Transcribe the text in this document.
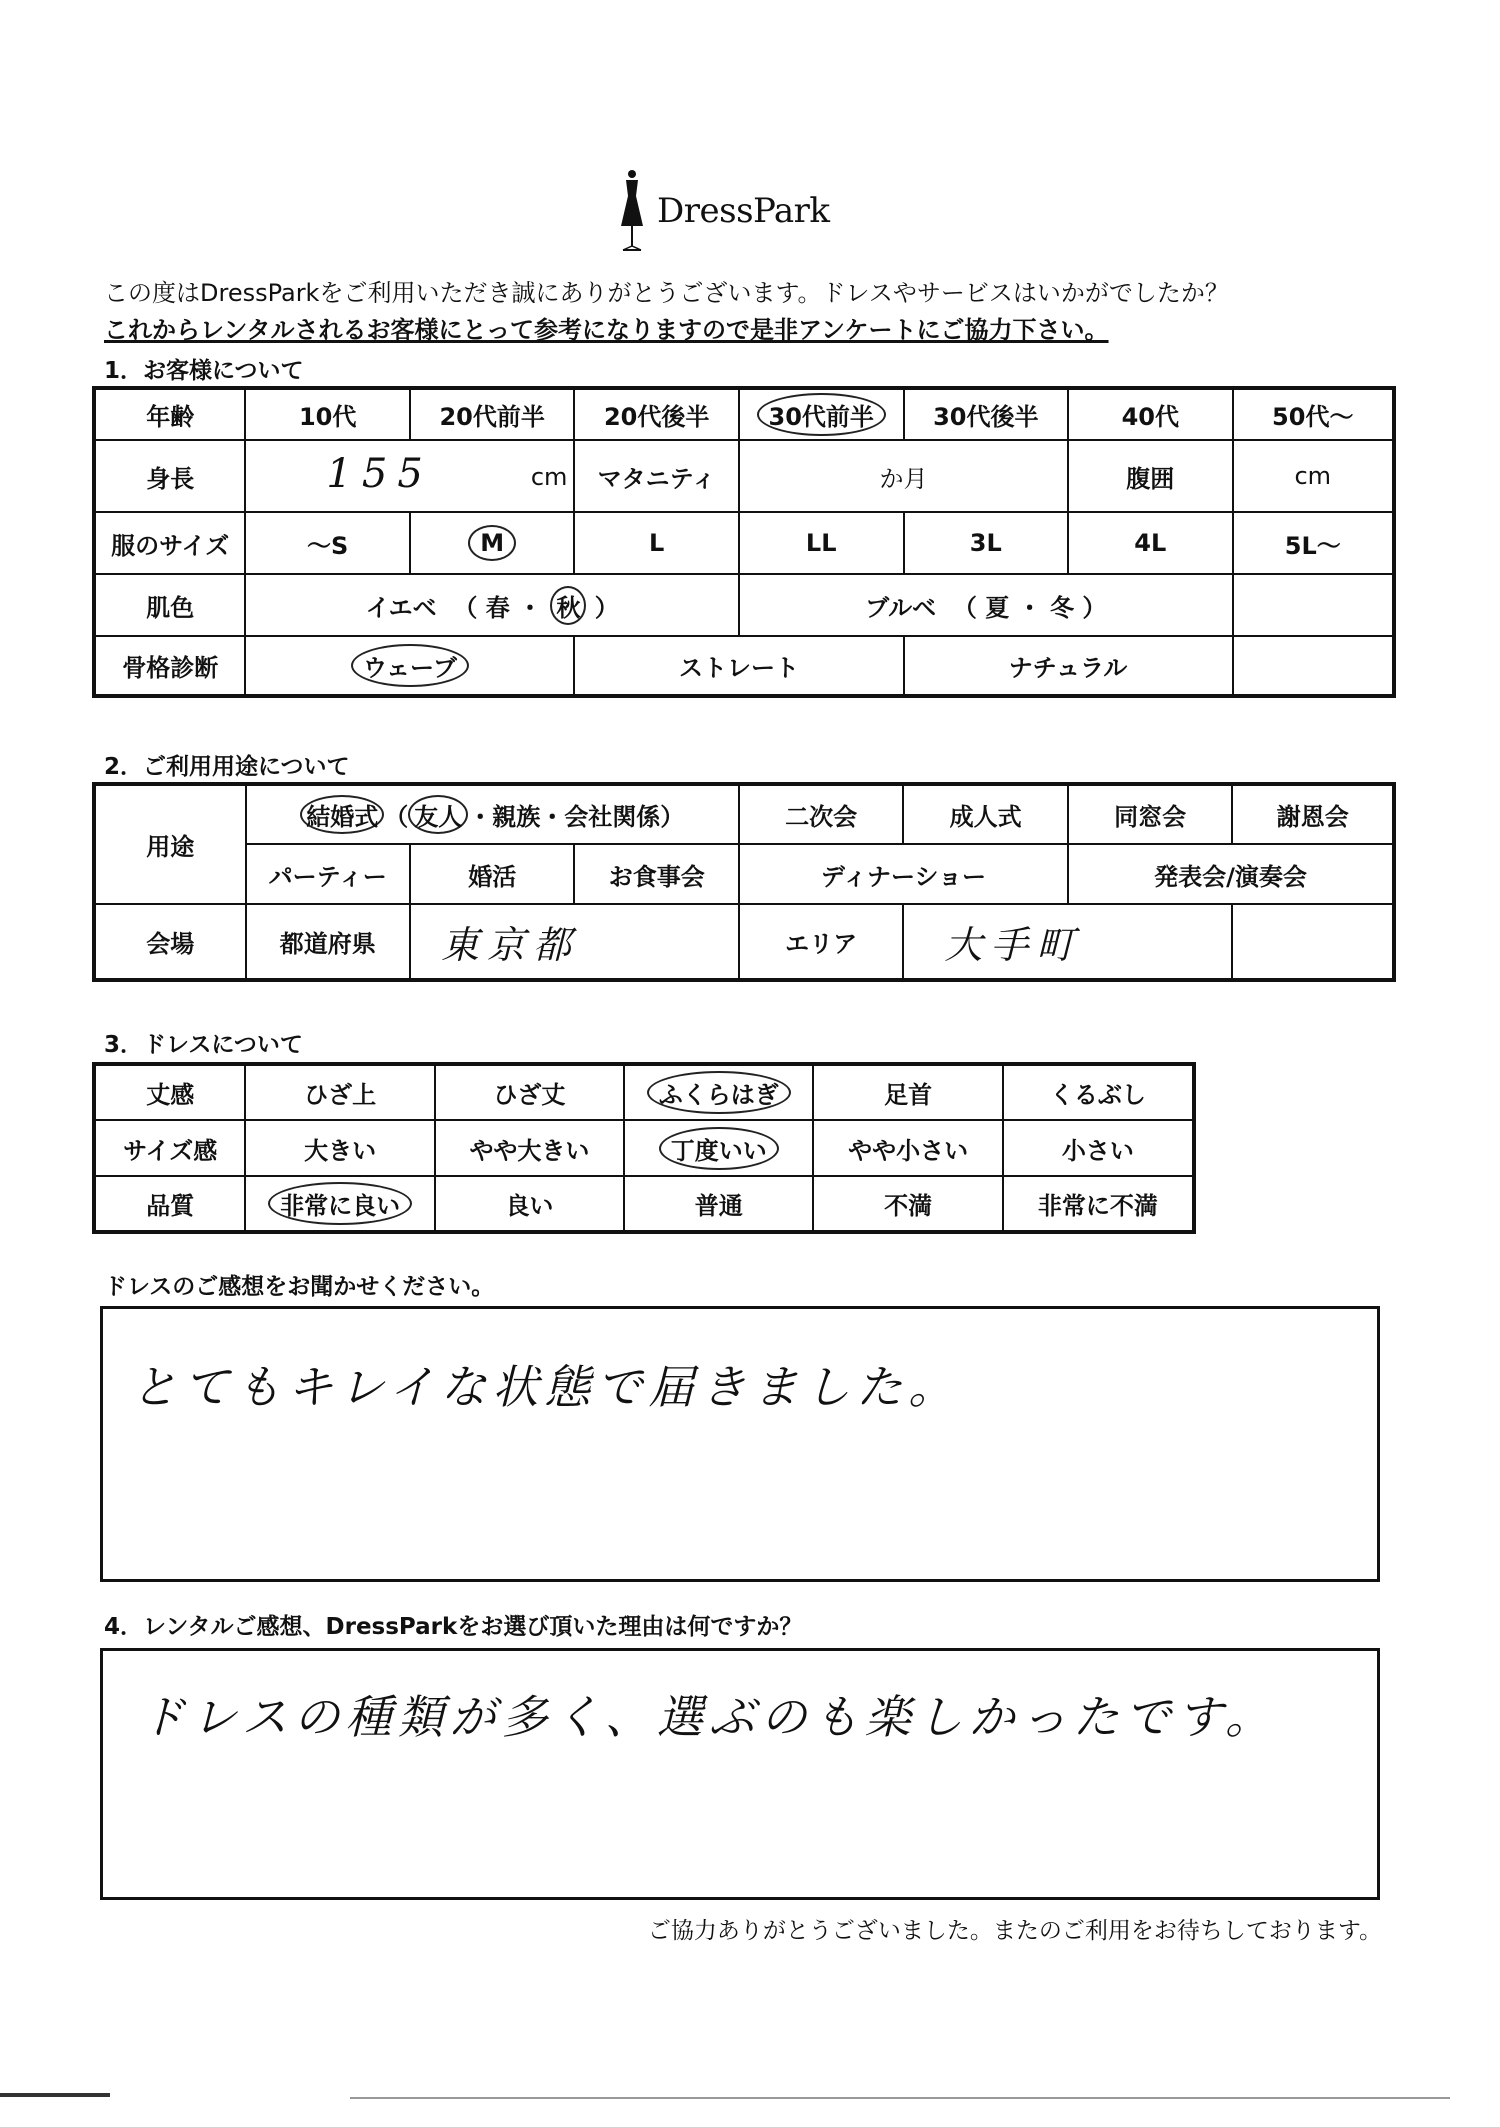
DressPark
この度はDressParkをご利用いただき誠にありがとうございます。ドレスやサービスはいかがでしたか？
これからレンタルされるお客様にとって参考になりますので是非アンケートにご協力下さい。
1．お客様について
年齢	10代	20代前半	20代後半	30代前半	30代後半	40代	50代～
身長	155 cm		マタニティ	か月		腹囲	cm
服のサイズ	～S	M	L	LL	3L	4L	5L～
肌色	イエベ （ 春 ・ 秋 ）			ブルベ （ 夏 ・ 冬 ）			
骨格診断	ウェーブ		ストレート		ナチュラル		
2．ご利用用途について
用途	結婚式 （ 友人 ・親族・会社関係）			二次会	成人式	同窓会	謝恩会
	パーティー	婚活	お食事会	ディナーショー		発表会/演奏会	
会場	都道府県	東京都		エリア	大手町		
3．ドレスについて
丈感	ひざ上	ひざ丈	ふくらはぎ	足首	くるぶし
サイズ感	大きい	やや大きい	丁度いい	やや小さい	小さい
品質	非常に良い	良い	普通	不満	非常に不満
ドレスのご感想をお聞かせください。
とてもキレイな状態で届きました。
4．レンタルご感想、DressParkをお選び頂いた理由は何ですか？
ドレスの種類が多く、選ぶのも楽しかったです。
ご協力ありがとうございました。またのご利用をお待ちしております。
